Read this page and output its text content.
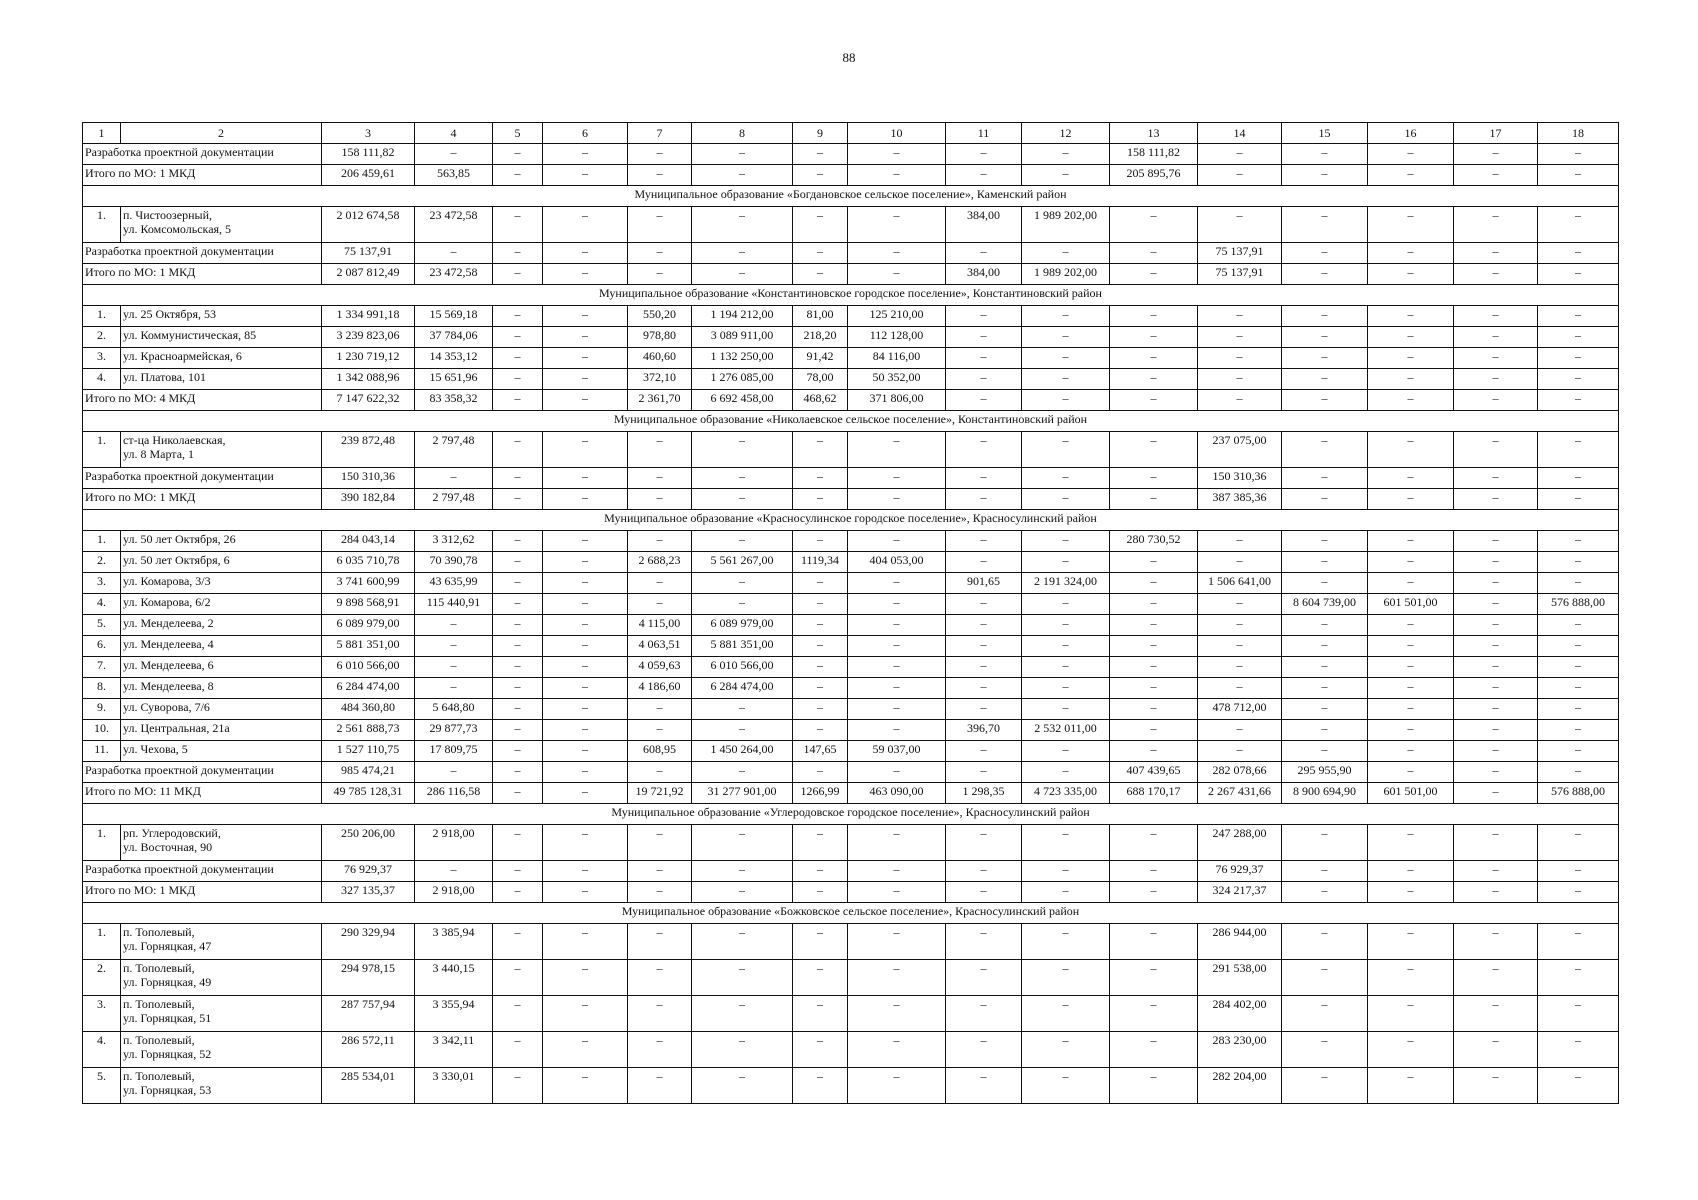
88
1	2	3	4	5	6	7	8	9	10	11	12	13	14	15	16	17	18
Разработка проектной документации		158 111,82	–	–	–	–	–	–	–	–	–	158 111,82	–	–	–	–	–
Итого по МО: 1 МКД		206 459,61	563,85	–	–	–	–	–	–	–	–	205 895,76	–	–	–	–	–
Муниципальное образование «Богдановское сельское поселение», Каменский район																	
1.	п. Чистоозерный,
ул. Комсомольская, 5	2 012 674,58	23 472,58	–	–	–	–	–	–	384,00	1 989 202,00	–	–	–	–	–	–
Разработка проектной документации		75 137,91	–	–	–	–	–	–	–	–	–	–	75 137,91	–	–	–	–
Итого по МО: 1 МКД		2 087 812,49	23 472,58	–	–	–	–	–	–	384,00	1 989 202,00	–	75 137,91	–	–	–	–
Муниципальное образование «Константиновское городское поселение», Константиновский район																	
1.	ул. 25 Октября, 53	1 334 991,18	15 569,18	–	–	550,20	1 194 212,00	81,00	125 210,00	–	–	–	–	–	–	–	–
2.	ул. Коммунистическая, 85	3 239 823,06	37 784,06	–	–	978,80	3 089 911,00	218,20	112 128,00	–	–	–	–	–	–	–	–
3.	ул. Красноармейская, 6	1 230 719,12	14 353,12	–	–	460,60	1 132 250,00	91,42	84 116,00	–	–	–	–	–	–	–	–
4.	ул. Платова, 101	1 342 088,96	15 651,96	–	–	372,10	1 276 085,00	78,00	50 352,00	–	–	–	–	–	–	–	–
Итого по МО: 4 МКД		7 147 622,32	83 358,32	–	–	2 361,70	6 692 458,00	468,62	371 806,00	–	–	–	–	–	–	–	–
Муниципальное образование «Николаевское сельское поселение», Константиновский район																	
1.	ст-ца Николаевская,
ул. 8 Марта, 1	239 872,48	2 797,48	–	–	–	–	–	–	–	–	–	237 075,00	–	–	–	–
Разработка проектной документации		150 310,36	–	–	–	–	–	–	–	–	–	–	150 310,36	–	–	–	–
Итого по МО: 1 МКД		390 182,84	2 797,48	–	–	–	–	–	–	–	–	–	387 385,36	–	–	–	–
Муниципальное образование «Красносулинское городское поселение», Красносулинский район																	
1.	ул. 50 лет Октября, 26	284 043,14	3 312,62	–	–	–	–	–	–	–	–	280 730,52	–	–	–	–	–
2.	ул. 50 лет Октября, 6	6 035 710,78	70 390,78	–	–	2 688,23	5 561 267,00	1119,34	404 053,00	–	–	–	–	–	–	–	–
3.	ул. Комарова, 3/3	3 741 600,99	43 635,99	–	–	–	–	–	–	901,65	2 191 324,00	–	1 506 641,00	–	–	–	–
4.	ул. Комарова, 6/2	9 898 568,91	115 440,91	–	–	–	–	–	–	–	–	–	–	8 604 739,00	601 501,00	–	576 888,00
5.	ул. Менделеева, 2	6 089 979,00	–	–	–	4 115,00	6 089 979,00	–	–	–	–	–	–	–	–	–	–
6.	ул. Менделеева, 4	5 881 351,00	–	–	–	4 063,51	5 881 351,00	–	–	–	–	–	–	–	–	–	–
7.	ул. Менделеева, 6	6 010 566,00	–	–	–	4 059,63	6 010 566,00	–	–	–	–	–	–	–	–	–	–
8.	ул. Менделеева, 8	6 284 474,00	–	–	–	4 186,60	6 284 474,00	–	–	–	–	–	–	–	–	–	–
9.	ул. Суворова, 7/6	484 360,80	5 648,80	–	–	–	–	–	–	–	–	–	478 712,00	–	–	–	–
10.	ул. Центральная, 21а	2 561 888,73	29 877,73	–	–	–	–	–	–	396,70	2 532 011,00	–	–	–	–	–	–
11.	ул. Чехова, 5	1 527 110,75	17 809,75	–	–	608,95	1 450 264,00	147,65	59 037,00	–	–	–	–	–	–	–	–
Разработка проектной документации		985 474,21	–	–	–	–	–	–	–	–	–	407 439,65	282 078,66	295 955,90	–	–	–
Итого по МО: 11 МКД		49 785 128,31	286 116,58	–	–	19 721,92	31 277 901,00	1266,99	463 090,00	1 298,35	4 723 335,00	688 170,17	2 267 431,66	8 900 694,90	601 501,00	–	576 888,00
Муниципальное образование «Углеродовское городское поселение», Красносулинский район																	
1.	рп. Углеродовский,
ул. Восточная, 90	250 206,00	2 918,00	–	–	–	–	–	–	–	–	–	247 288,00	–	–	–	–
Разработка проектной документации		76 929,37	–	–	–	–	–	–	–	–	–	–	76 929,37	–	–	–	–
Итого по МО: 1 МКД		327 135,37	2 918,00	–	–	–	–	–	–	–	–	–	324 217,37	–	–	–	–
Муниципальное образование «Божковское сельское поселение», Красносулинский район																	
1.	п. Тополевый,
ул. Горняцкая, 47	290 329,94	3 385,94	–	–	–	–	–	–	–	–	–	286 944,00	–	–	–	–
2.	п. Тополевый,
ул. Горняцкая, 49	294 978,15	3 440,15	–	–	–	–	–	–	–	–	–	291 538,00	–	–	–	–
3.	п. Тополевый,
ул. Горняцкая, 51	287 757,94	3 355,94	–	–	–	–	–	–	–	–	–	284 402,00	–	–	–	–
4.	п. Тополевый,
ул. Горняцкая, 52	286 572,11	3 342,11	–	–	–	–	–	–	–	–	–	283 230,00	–	–	–	–
5.	п. Тополевый,
ул. Горняцкая, 53	285 534,01	3 330,01	–	–	–	–	–	–	–	–	–	282 204,00	–	–	–	–
